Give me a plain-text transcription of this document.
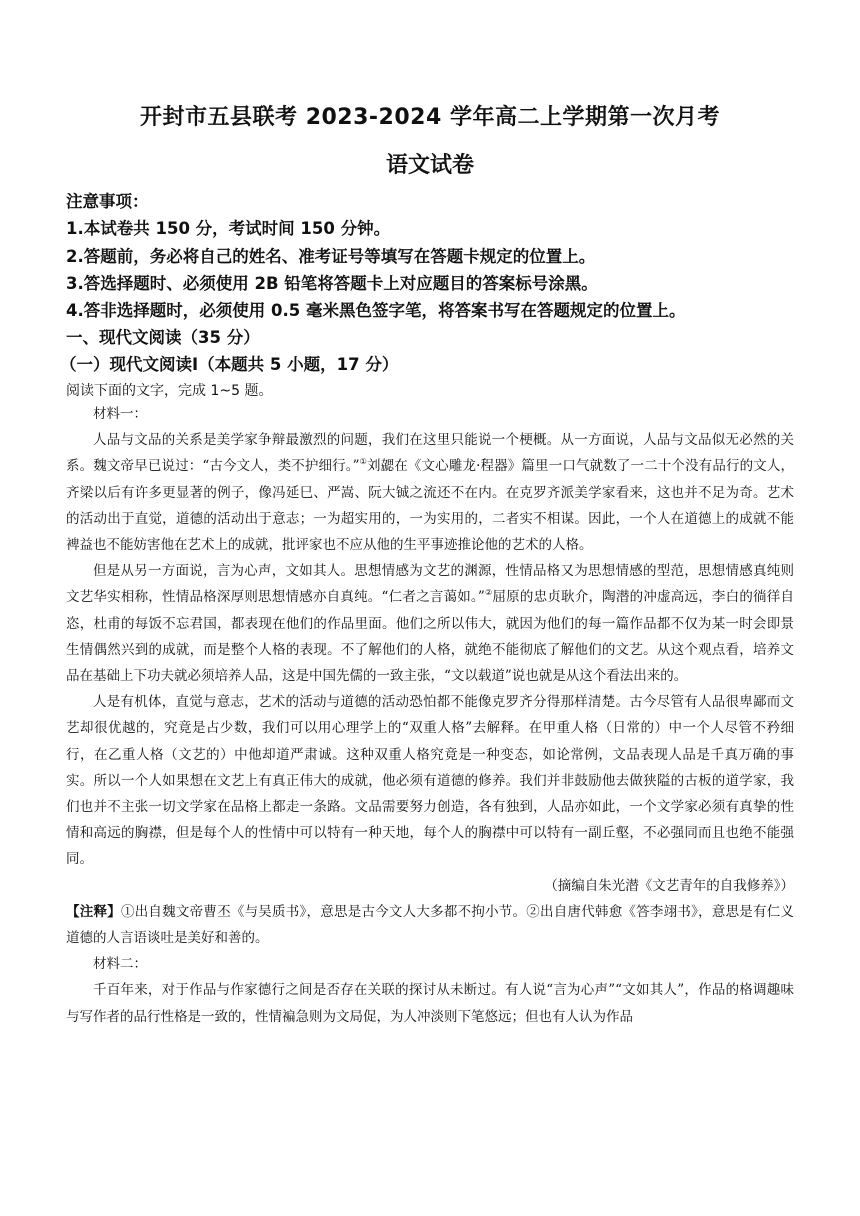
开封市五县联考 2023-2024 学年高二上学期第一次月考
语文试卷
注意事项：
1.本试卷共 150 分，考试时间 150 分钟。
2.答题前，务必将自己的姓名、准考证号等填写在答题卡规定的位置上。
3.答选择题时、必须使用 2B 铅笔将答题卡上对应题目的答案标号涂黑。
4.答非选择题时，必须使用 0.5 毫米黑色签字笔，将答案书写在答题规定的位置上。
一、现代文阅读（35 分）
（一）现代文阅读Ⅰ（本题共 5 小题，17 分）
阅读下面的文字，完成 1~5 题。

材料一：

人品与文品的关系是美学家争辩最激烈的问题，我们在这里只能说一个梗概。从一方面说，人品与文品似无必然的关系。魏文帝早已说过：“古今文人，类不护细行。”①刘勰在《文心雕龙·程器》篇里一口气就数了一二十个没有品行的文人，齐梁以后有许多更显著的例子，像冯延巳、严嵩、阮大铖之流还不在内。在克罗齐派美学家看来，这也并不足为奇。艺术的活动出于直觉，道德的活动出于意志；一为超实用的，一为实用的，二者实不相谋。因此，一个人在道德上的成就不能裨益也不能妨害他在艺术上的成就，批评家也不应从他的生平事迹推论他的艺术的人格。

但是从另一方面说，言为心声，文如其人。思想情感为文艺的渊源，性情品格又为思想情感的型范，思想情感真纯则文艺华实相称，性情品格深厚则思想情感亦自真纯。“仁者之言蔼如。”②屈原的忠贞耿介，陶潜的冲虚高远，李白的徜徉自恣，杜甫的每饭不忘君国，都表现在他们的作品里面。他们之所以伟大，就因为他们的每一篇作品都不仅为某一时会即景生情偶然兴到的成就，而是整个人格的表现。不了解他们的人格，就绝不能彻底了解他们的文艺。从这个观点看，培养文品在基础上下功夫就必须培养人品，这是中国先儒的一致主张，“文以载道”说也就是从这个看法出来的。

人是有机体，直觉与意志，艺术的活动与道德的活动恐怕都不能像克罗齐分得那样清楚。古今尽管有人品很卑鄙而文艺却很优越的，究竟是占少数，我们可以用心理学上的“双重人格”去解释。在甲重人格（日常的）中一个人尽管不矜细行，在乙重人格（文艺的）中他却道严肃诚。这种双重人格究竟是一种变态，如论常例，文品表现人品是千真万确的事实。所以一个人如果想在文艺上有真正伟大的成就，他必须有道德的修养。我们并非鼓励他去做狭隘的古板的道学家，我们也并不主张一切文学家在品格上都走一条路。文品需要努力创造，各有独到，人品亦如此，一个文学家必须有真挚的性情和高远的胸襟，但是每个人的性情中可以特有一种天地，每个人的胸襟中可以特有一副丘壑，不必强同而且也绝不能强同。

（摘编自朱光潜《文艺青年的自我修养》）

【注释】①出自魏文帝曹丕《与吴质书》，意思是古今文人大多都不拘小节。②出自唐代韩愈《答李翊书》，意思是有仁义道德的人言语谈吐是美好和善的。

材料二：

千百年来，对于作品与作家德行之间是否存在关联的探讨从未断过。有人说“言为心声”“文如其人”，作品的格调趣味与写作者的品行性格是一致的，性情褊急则为文局促，为人冲淡则下笔悠远；但也有人认为作品
